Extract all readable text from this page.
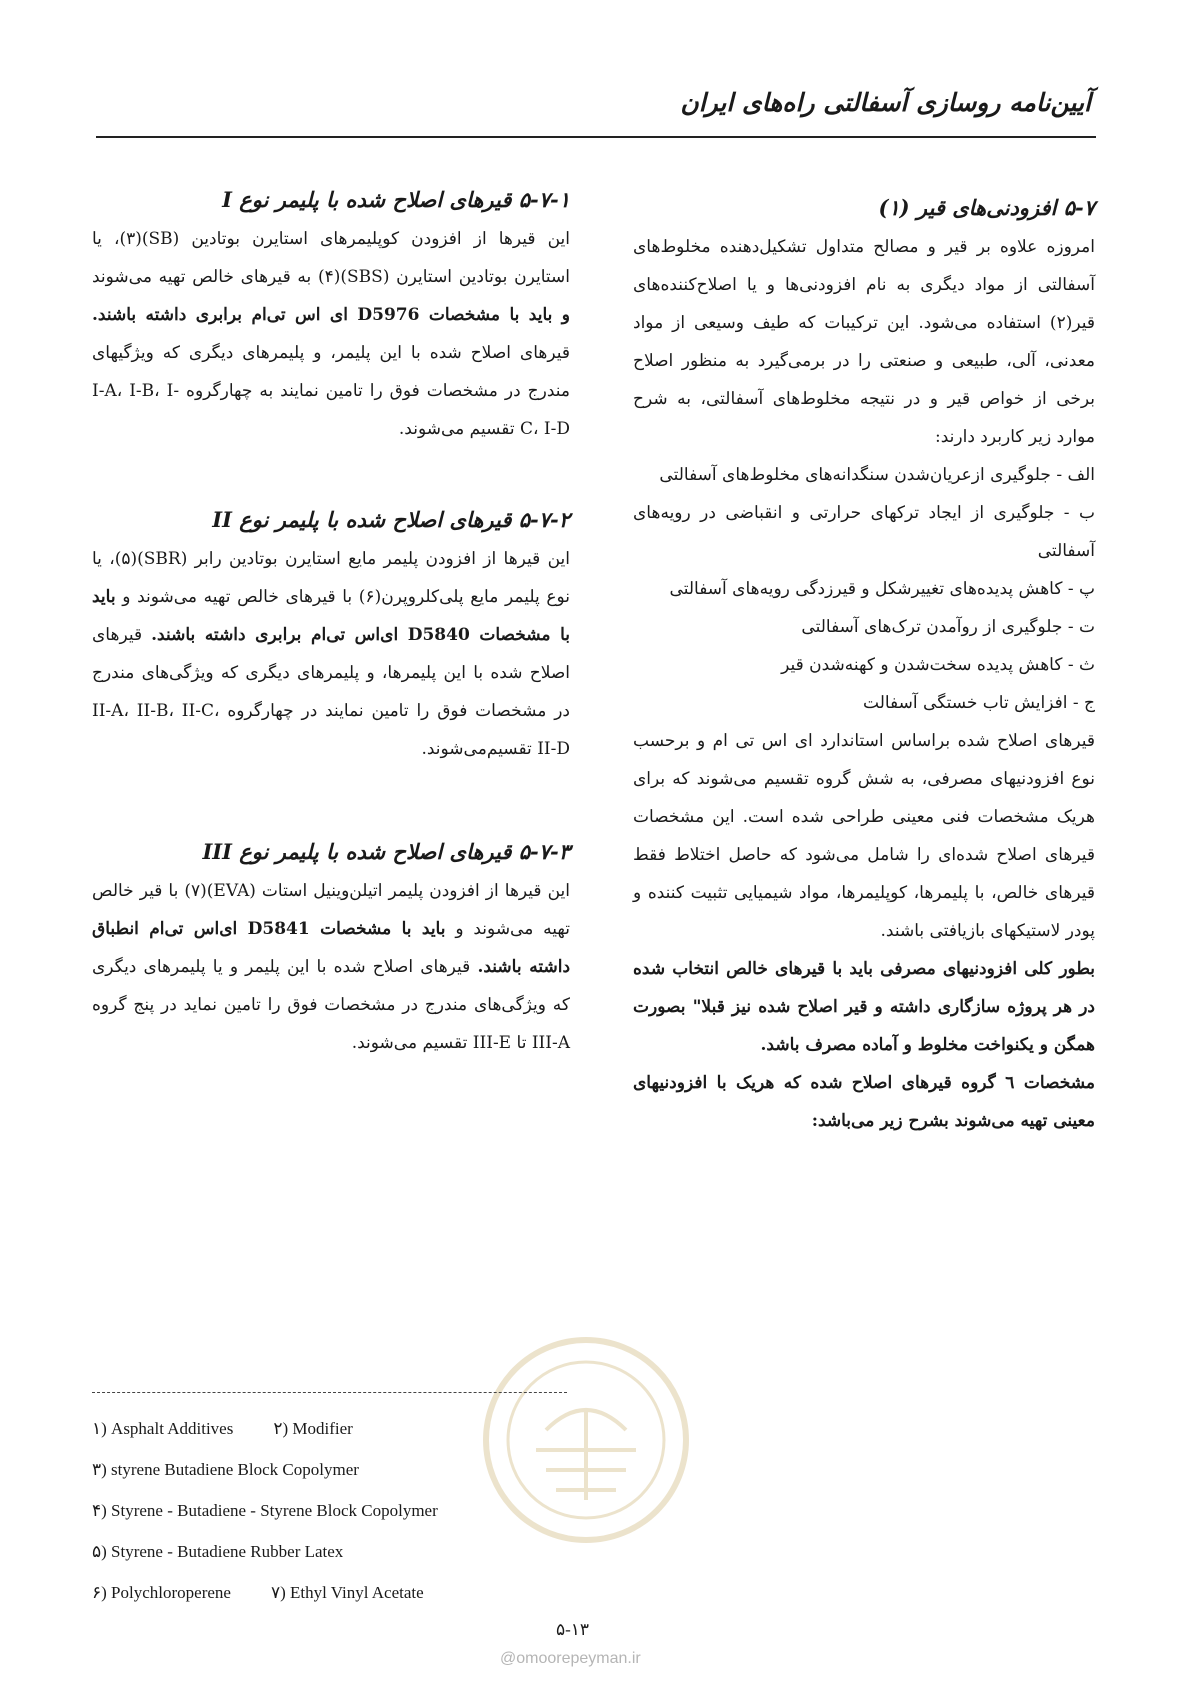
آیین‌نامه روسازی آسفالتی راه‌های ایران

۵-۷ افزودنی‌های قیر (۱)

امروزه علاوه بر قیر و مصالح متداول تشکیل‌دهنده مخلوط‌های آسفالتی از مواد دیگری به نام افزودنی‌ها و یا اصلاح‌کننده‌های قیر(۲) استفاده می‌شود. این ترکیبات که طیف وسیعی از مواد معدنی، آلی، طبیعی و صنعتی را در برمی‌گیرد به منظور اصلاح برخی از خواص قیر و در نتیجه مخلوط‌های آسفالتی، به شرح موارد زیر کاربرد دارند:

الف - جلوگیری ازعریان‌شدن سنگدانه‌های مخلوط‌های آسفالتی

ب - جلوگیری از ایجاد ترکهای حرارتی و انقباضی در رویه‌های آسفالتی

پ - کاهش پدیده‌های تغییرشکل و قیرزدگی رویه‌های آسفالتی

ت - جلوگیری از روآمدن ترک‌های آسفالتی

ث - کاهش پدیده سخت‌شدن و کهنه‌شدن قیر

ج - افزایش تاب خستگی آسفالت

قیرهای اصلاح شده براساس استاندارد ای اس تی ام و برحسب نوع افزودنیهای مصرفی، به شش گروه تقسیم می‌شوند که برای هریک مشخصات فنی معینی طراحی شده است. این مشخصات قیرهای اصلاح شده‌ای را شامل می‌شود که حاصل اختلاط فقط قیرهای خالص، با پلیمرها، کوپلیمرها، مواد شیمیایی تثبیت کننده و پودر لاستیکهای بازیافتی باشند.

بطور کلی افزودنیهای مصرفی باید با قیرهای خالص انتخاب شده در هر پروژه سازگاری داشته و قیر اصلاح شده نیز قبلا" بصورت همگن و یکنواخت مخلوط و آماده مصرف باشد.

مشخصات ٦ گروه قیرهای اصلاح شده که هریک با افزودنیهای معینی تهیه می‌شوند بشرح زیر می‌باشد:

۵-۷-۱ قیرهای اصلاح شده با پلیمر نوع I

این قیرها از افزودن کوپلیمرهای استایرن بوتادین (SB)(۳)، یا استایرن بوتادین استایرن (SBS)(۴) به قیرهای خالص تهیه می‌شوند و باید با مشخصات D5976 ای اس تی‌ام برابری داشته باشند. قیرهای اصلاح شده با این پلیمر، و پلیمرهای دیگری که ویژگیهای مندرج در مشخصات فوق را تامین نمایند به چهارگروه I-A، I-B، I-C، I-D تقسیم می‌شوند.

۵-۷-۲ قیرهای اصلاح شده با پلیمر نوع II

این قیرها از افزودن پلیمر مایع استایرن بوتادین رابر (SBR)(۵)، یا نوع پلیمر مایع پلی‌کلروپرن(۶) با قیرهای خالص تهیه می‌شوند و باید با مشخصات D5840 ای‌اس تی‌ام برابری داشته باشند. قیرهای اصلاح شده با این پلیمرها، و پلیمرهای دیگری که ویژگی‌های مندرج در مشخصات فوق را تامین نمایند در چهارگروه II-A، II-B، II-C، II-D تقسیم‌می‌شوند.

۵-۷-۳ قیرهای اصلاح شده با پلیمر نوع III

این قیرها از افزودن پلیمر اتیلن‌وینیل استات (EVA)(۷) با قیر خالص تهیه می‌شوند و باید با مشخصات D5841 ای‌اس تی‌ام انطباق داشته باشند. قیرهای اصلاح شده با این پلیمر و یا پلیمرهای دیگری که ویژگی‌های مندرج در مشخصات فوق را تامین نماید در پنج گروه III-A تا III-E تقسیم می‌شوند.

۱) Asphalt Additives ۲) Modifier
۳) styrene Butadiene Block Copolymer
۴) Styrene - Butadiene - Styrene Block Copolymer
۵) Styrene - Butadiene Rubber Latex
۶) Polychloroperene ۷) Ethyl Vinyl Acetate
۵-۱۳
@omoorepeyman.ir
